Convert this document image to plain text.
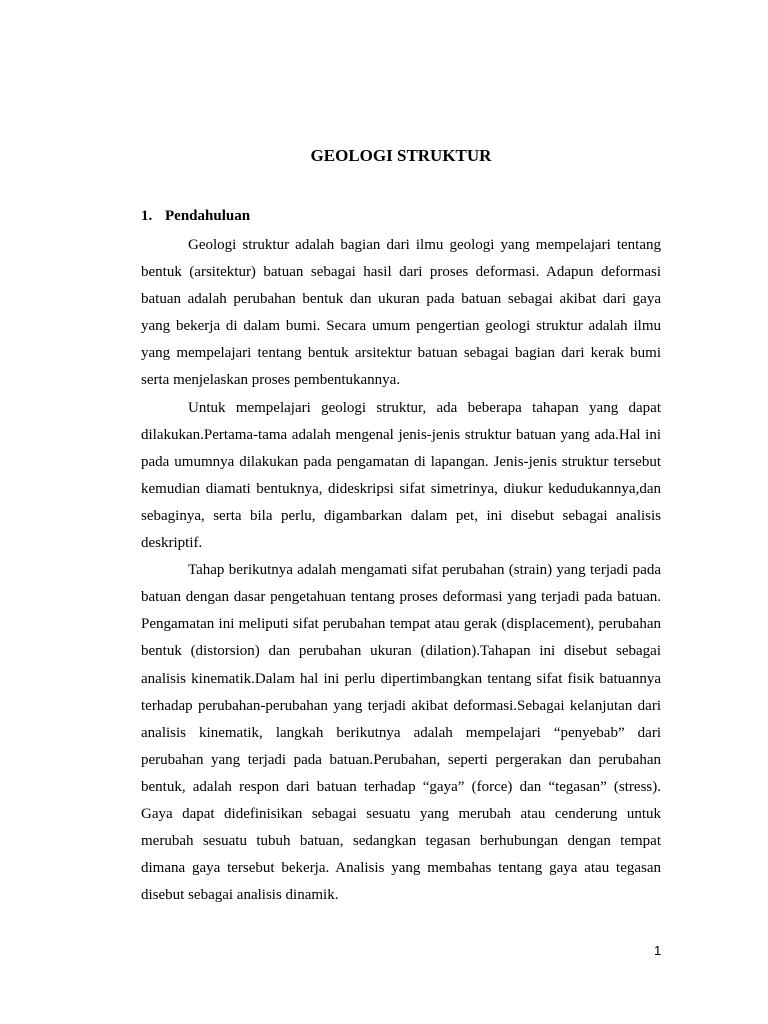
GEOLOGI STRUKTUR
1. Pendahuluan

Geologi struktur adalah bagian dari ilmu geologi yang mempelajari tentang bentuk (arsitektur) batuan sebagai hasil dari proses deformasi. Adapun deformasi batuan adalah perubahan bentuk dan ukuran pada batuan sebagai akibat dari gaya yang bekerja di dalam bumi. Secara umum pengertian geologi struktur adalah ilmu yang mempelajari tentang bentuk arsitektur batuan sebagai bagian dari kerak bumi serta menjelaskan proses pembentukannya.

Untuk mempelajari geologi struktur, ada beberapa tahapan yang dapat dilakukan.Pertama-tama adalah mengenal jenis-jenis struktur batuan yang ada.Hal ini pada umumnya dilakukan pada pengamatan di lapangan. Jenis-jenis struktur tersebut kemudian diamati bentuknya, dideskripsi sifat simetrinya, diukur kedudukannya,dan sebaginya, serta bila perlu, digambarkan dalam pet, ini disebut sebagai analisis deskriptif.

Tahap berikutnya adalah mengamati sifat perubahan (strain) yang terjadi pada batuan dengan dasar pengetahuan tentang proses deformasi yang terjadi pada batuan. Pengamatan ini meliputi sifat perubahan tempat atau gerak (displacement), perubahan bentuk (distorsion) dan perubahan ukuran (dilation).Tahapan ini disebut sebagai analisis kinematik.Dalam hal ini perlu dipertimbangkan tentang sifat fisik batuannya terhadap perubahan-perubahan yang terjadi akibat deformasi.Sebagai kelanjutan dari analisis kinematik, langkah berikutnya adalah mempelajari “penyebab” dari perubahan yang terjadi pada batuan.Perubahan, seperti pergerakan dan perubahan bentuk, adalah respon dari batuan terhadap “gaya” (force) dan “tegasan” (stress). Gaya dapat didefinisikan sebagai sesuatu yang merubah atau cenderung untuk merubah sesuatu tubuh batuan, sedangkan tegasan berhubungan dengan tempat dimana gaya tersebut bekerja. Analisis yang membahas tentang gaya atau tegasan disebut sebagai analisis dinamik.

1
